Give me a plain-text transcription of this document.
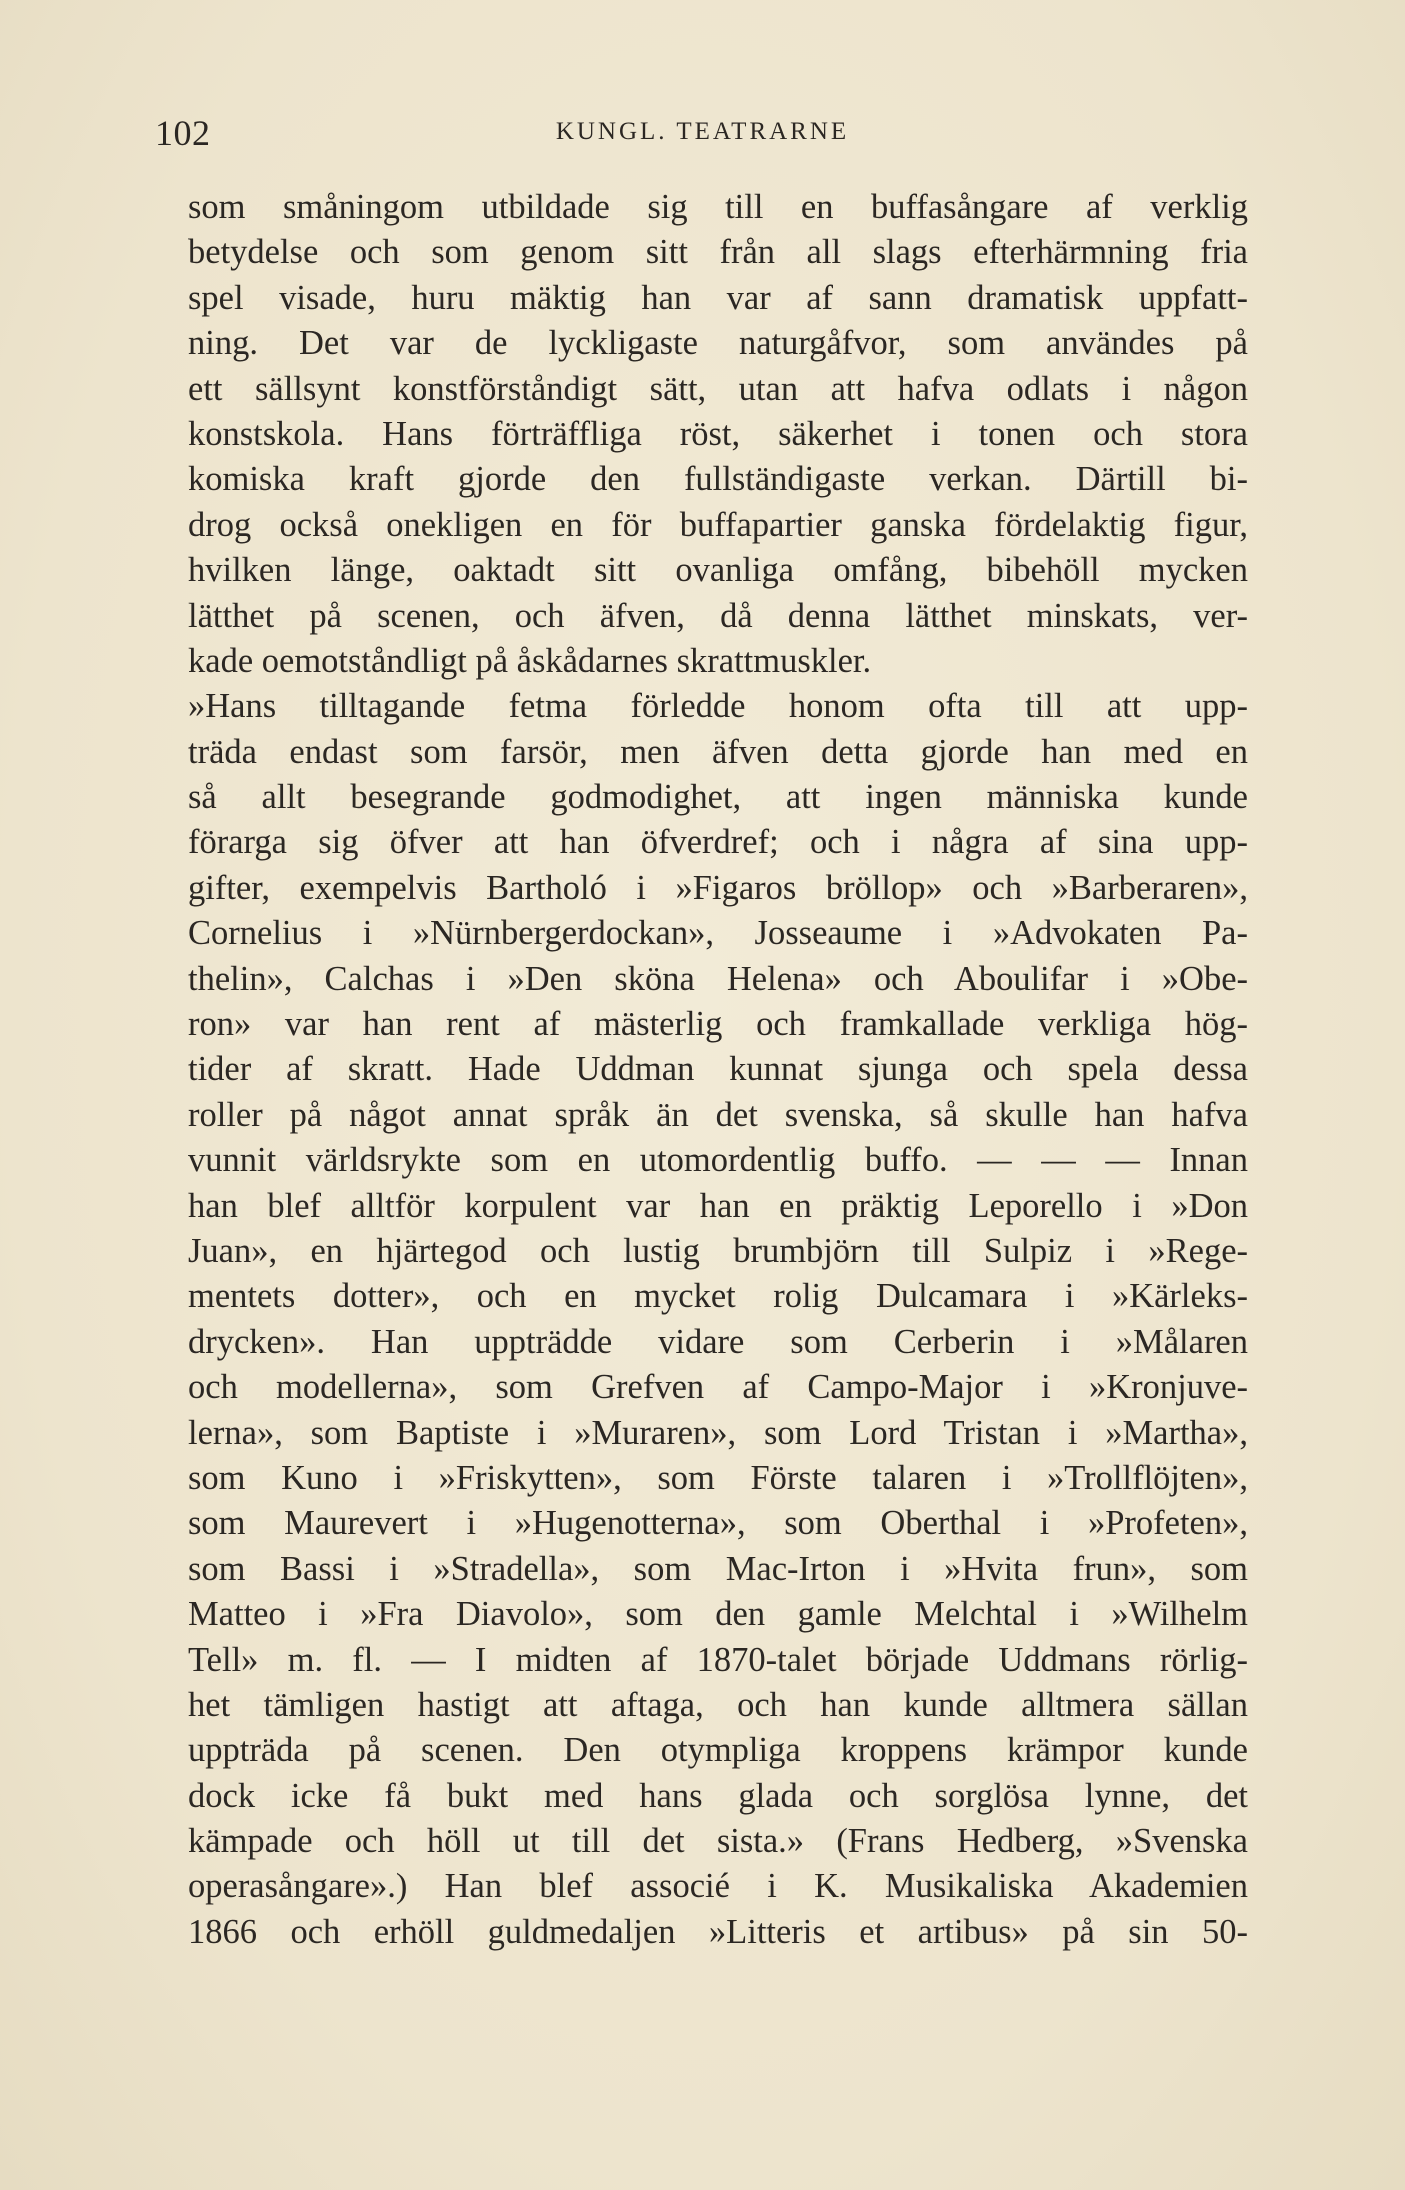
102	KUNGL. TEATRARNE
som småningom utbildade sig till en buffasångare af verklig
betydelse och som genom sitt från all slags efterhärmning fria
spel visade, huru mäktig han var af sann dramatisk uppfatt-
ning. Det var de lyckligaste naturgåfvor, som användes på
ett sällsynt konstförståndigt sätt, utan att hafva odlats i någon
konstskola. Hans förträffliga röst, säkerhet i tonen och stora
komiska kraft gjorde den fullständigaste verkan. Därtill bi-
drog också onekligen en för buffapartier ganska fördelaktig figur,
hvilken länge, oaktadt sitt ovanliga omfång, bibehöll mycken
lätthet på scenen, och äfven, då denna lätthet minskats, ver-
kade oemotståndligt på åskådarnes skrattmuskler.
»Hans tilltagande fetma förledde honom ofta till att upp-
träda endast som farsör, men äfven detta gjorde han med en
så allt besegrande godmodighet, att ingen människa kunde
förarga sig öfver att han öfverdref; och i några af sina upp-
gifter, exempelvis Bartholó i »Figaros bröllop» och »Barberaren»,
Cornelius i »Nürnbergerdockan», Josseaume i »Advokaten Pa-
thelin», Calchas i »Den sköna Helena» och Aboulifar i »Obe-
ron» var han rent af mästerlig och framkallade verkliga hög-
tider af skratt. Hade Uddman kunnat sjunga och spela dessa
roller på något annat språk än det svenska, så skulle han hafva
vunnit världsrykte som en utomordentlig buffo. — — — Innan
han blef alltför korpulent var han en präktig Leporello i »Don
Juan», en hjärtegod och lustig brumbjörn till Sulpiz i »Rege-
mentets dotter», och en mycket rolig Dulcamara i »Kärleks-
drycken». Han uppträdde vidare som Cerberin i »Målaren
och modellerna», som Grefven af Campo-Major i »Kronjuve-
lerna», som Baptiste i »Muraren», som Lord Tristan i »Martha»,
som Kuno i »Friskytten», som Förste talaren i »Trollflöjten»,
som Maurevert i »Hugenotterna», som Oberthal i »Profeten»,
som Bassi i »Stradella», som Mac-Irton i »Hvita frun», som
Matteo i »Fra Diavolo», som den gamle Melchtal i »Wilhelm
Tell» m. fl. — I midten af 1870-talet började Uddmans rörlig-
het tämligen hastigt att aftaga, och han kunde alltmera sällan
uppträda på scenen. Den otympliga kroppens krämpor kunde
dock icke få bukt med hans glada och sorglösa lynne, det
kämpade och höll ut till det sista.» (Frans Hedberg, »Svenska
operasångare».) Han blef associé i K. Musikaliska Akademien
1866 och erhöll guldmedaljen »Litteris et artibus» på sin 50-
